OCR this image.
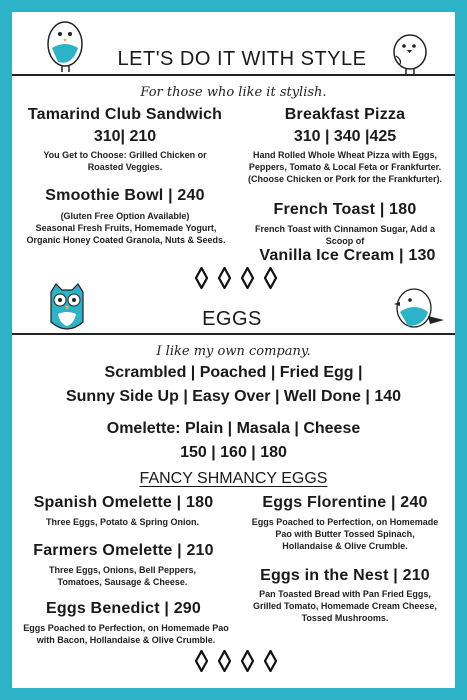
LET'S DO IT WITH STYLE
For those who like it stylish.
Tamarind Club Sandwich
310| 210
You Get to Choose: Grilled Chicken or Roasted Veggies.
Breakfast Pizza
310 | 340 |425
Hand Rolled Whole Wheat Pizza with Eggs, Peppers, Tomato & Local Feta or Frankfurter. (Choose Chicken or Pork for the Frankfurter).
Smoothie Bowl | 240
(Gluten Free Option Available)
Seasonal Fresh Fruits, Homemade Yogurt, Organic Honey Coated Granola, Nuts & Seeds.
French Toast | 180
French Toast with Cinnamon Sugar, Add a Scoop of
Vanilla Ice Cream | 130
EGGS
I like my own company.
Scrambled | Poached | Fried Egg |
Sunny Side Up | Easy Over | Well Done | 140
Omelette: Plain | Masala | Cheese
150 | 160 | 180
FANCY SHMANCY EGGS
Spanish Omelette | 180
Three Eggs, Potato & Spring Onion.
Eggs Florentine | 240
Eggs Poached to Perfection, on Homemade Pao with Butter Tossed Spinach, Hollandaise & Olive Crumble.
Farmers Omelette | 210
Three Eggs, Onions, Bell Peppers, Tomatoes, Sausage & Cheese.	Eggs in the Nest | 210
Pan Toasted Bread with Pan Fried Eggs, Grilled Tomato, Homemade Cream Cheese, Tossed Mushrooms.
Eggs Benedict | 290
Eggs Poached to Perfection, on Homemade Pao with Bacon, Hollandaise & Olive Crumble.
